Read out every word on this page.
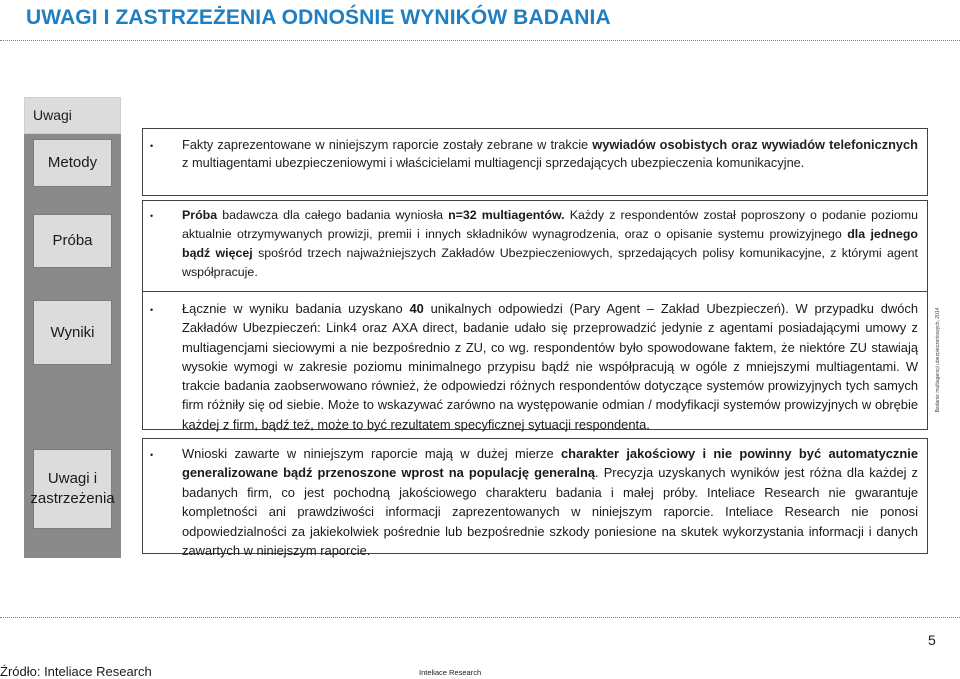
UWAGI I ZASTRZEŻENIA ODNOŚNIE WYNIKÓW BADANIA
Uwagi
Metody
Próba
Wyniki
Uwagi i zastrzeżenia
• Fakty zaprezentowane w niniejszym raporcie zostały zebrane w trakcie wywiadów osobistych oraz wywiadów telefonicznych z multiagentami ubezpieczeniowymi i właścicielami multiagencji sprzedających ubezpieczenia komunikacyjne.
• Próba badawcza dla całego badania wyniosła n=32 multiagentów. Każdy z respondentów został poproszony o podanie poziomu aktualnie otrzymywanych prowizji, premii i innych składników wynagrodzenia, oraz o opisanie systemu prowizyjnego dla jednego bądź więcej spośród trzech najważniejszych Zakładów Ubezpieczeniowych, sprzedających polisy komunikacyjne, z którymi agent współpracuje.
• Łącznie w wyniku badania uzyskano 40 unikalnych odpowiedzi (Pary Agent – Zakład Ubezpieczeń). W przypadku dwóch Zakładów Ubezpieczeń: Link4 oraz AXA direct, badanie udało się przeprowadzić jedynie z agentami posiadającymi umowy z multiagencjami sieciowymi a nie bezpośrednio z ZU, co wg. respondentów było spowodowane faktem, że niektóre ZU stawiają wysokie wymogi w zakresie poziomu minimalnego przypisu bądź nie współpracują w ogóle z mniejszymi multiagentami. W trakcie badania zaobserwowano również, że odpowiedzi różnych respondentów dotyczące systemów prowizyjnych tych samych firm różniły się od siebie. Może to wskazywać zarówno na występowanie odmian / modyfikacji systemów prowizyjnych w obrębie każdej z firm, bądź też, może to być rezultatem specyficznej sytuacji respondenta.
• Wnioski zawarte w niniejszym raporcie mają w dużej mierze charakter jakościowy i nie powinny być automatycznie generalizowane bądź przenoszone wprost na populację generalną. Precyzja uzyskanych wyników jest różna dla każdej z badanych firm, co jest pochodną jakościowego charakteru badania i małej próby. Inteliace Research nie gwarantuje kompletności ani prawdziwości informacji zaprezentowanych w niniejszym raporcie. Inteliace Research nie ponosi odpowiedzialności za jakiekolwiek pośrednie lub bezpośrednie szkody poniesione na skutek wykorzystania informacji i danych zawartych w niniejszym raporcie.
Badanie multiagencji ubezpieczeniowych, 2014
5
Źródło: Inteliace Research	Inteliace Research
